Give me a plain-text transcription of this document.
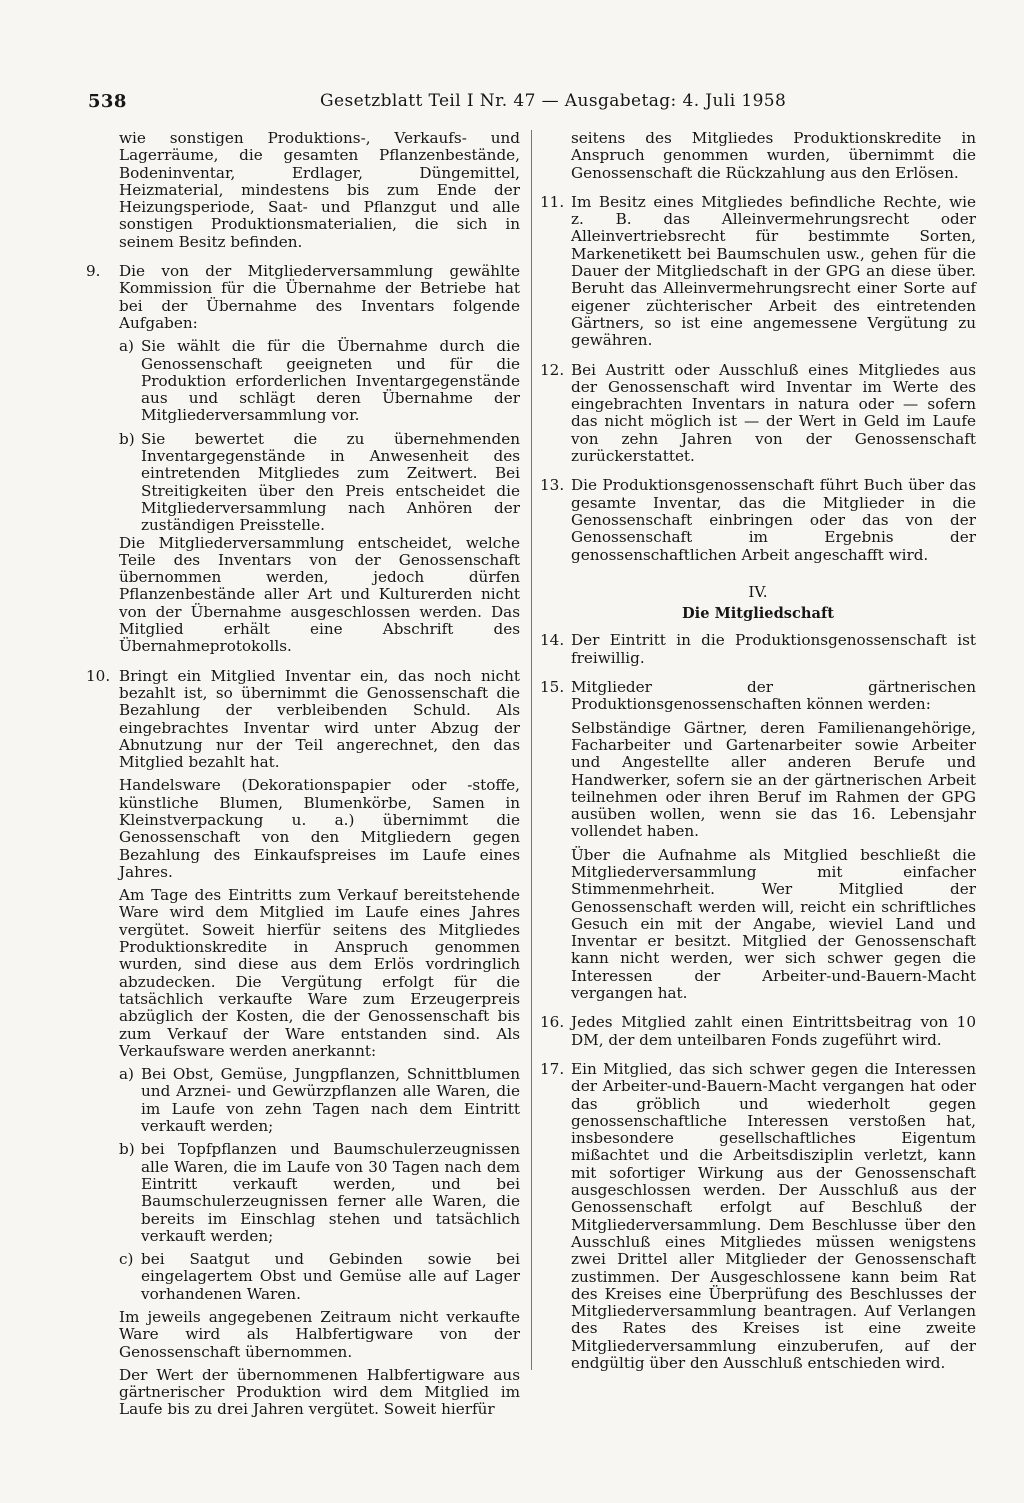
538	Gesetzblatt Teil I Nr. 47 — Ausgabetag: 4. Juli 1958

wie sonstigen Produktions-, Verkaufs- und Lagerräume, die gesamten Pflanzenbestände, Bodeninventar, Erdlager, Düngemittel, Heizmaterial, mindestens bis zum Ende der Heizungsperiode, Saat- und Pflanzgut und alle sonstigen Produktionsmaterialien, die sich in seinem Besitz befinden.

9. Die von der Mitgliederversammlung gewählte Kommission für die Übernahme der Betriebe hat bei der Übernahme des Inventars folgende Aufgaben:

a) Sie wählt die für die Übernahme durch die Genossenschaft geeigneten und für die Produktion erforderlichen Inventargegenstände aus und schlägt deren Übernahme der Mitgliederversammlung vor.

b) Sie bewertet die zu übernehmenden Inventargegenstände in Anwesenheit des eintretenden Mitgliedes zum Zeitwert. Bei Streitigkeiten über den Preis entscheidet die Mitgliederversammlung nach Anhören der zuständigen Preisstelle.

Die Mitgliederversammlung entscheidet, welche Teile des Inventars von der Genossenschaft übernommen werden, jedoch dürfen Pflanzenbestände aller Art und Kulturerden nicht von der Übernahme ausgeschlossen werden. Das Mitglied erhält eine Abschrift des Übernahmeprotokolls.

10. Bringt ein Mitglied Inventar ein, das noch nicht bezahlt ist, so übernimmt die Genossenschaft die Bezahlung der verbleibenden Schuld. Als eingebrachtes Inventar wird unter Abzug der Abnutzung nur der Teil angerechnet, den das Mitglied bezahlt hat.

Handelsware (Dekorationspapier oder -stoffe, künstliche Blumen, Blumenkörbe, Samen in Kleinstverpackung u. a.) übernimmt die Genossenschaft von den Mitgliedern gegen Bezahlung des Einkaufspreises im Laufe eines Jahres.

Am Tage des Eintritts zum Verkauf bereitstehende Ware wird dem Mitglied im Laufe eines Jahres vergütet. Soweit hierfür seitens des Mitgliedes Produktionskredite in Anspruch genommen wurden, sind diese aus dem Erlös vordringlich abzudecken. Die Vergütung erfolgt für die tatsächlich verkaufte Ware zum Erzeugerpreis abzüglich der Kosten, die der Genossenschaft bis zum Verkauf der Ware entstanden sind. Als Verkaufsware werden anerkannt:

a) Bei Obst, Gemüse, Jungpflanzen, Schnittblumen und Arznei- und Gewürzpflanzen alle Waren, die im Laufe von zehn Tagen nach dem Eintritt verkauft werden;

b) bei Topfpflanzen und Baumschulerzeugnissen alle Waren, die im Laufe von 30 Tagen nach dem Eintritt verkauft werden, und bei Baumschulerzeugnissen ferner alle Waren, die bereits im Einschlag stehen und tatsächlich verkauft werden;

c) bei Saatgut und Gebinden sowie bei eingelagertem Obst und Gemüse alle auf Lager vorhandenen Waren.

Im jeweils angegebenen Zeitraum nicht verkaufte Ware wird als Halbfertigware von der Genossenschaft übernommen.

Der Wert der übernommenen Halbfertigware aus gärtnerischer Produktion wird dem Mitglied im Laufe bis zu drei Jahren vergütet. Soweit hierfür

seitens des Mitgliedes Produktionskredite in Anspruch genommen wurden, übernimmt die Genossenschaft die Rückzahlung aus den Erlösen.

11. Im Besitz eines Mitgliedes befindliche Rechte, wie z. B. das Alleinvermehrungsrecht oder Alleinvertriebsrecht für bestimmte Sorten, Markenetikett bei Baumschulen usw., gehen für die Dauer der Mitgliedschaft in der GPG an diese über. Beruht das Alleinvermehrungsrecht einer Sorte auf eigener züchterischer Arbeit des eintretenden Gärtners, so ist eine angemessene Vergütung zu gewähren.

12. Bei Austritt oder Ausschluß eines Mitgliedes aus der Genossenschaft wird Inventar im Werte des eingebrachten Inventars in natura oder — sofern das nicht möglich ist — der Wert in Geld im Laufe von zehn Jahren von der Genossenschaft zurückerstattet.

13. Die Produktionsgenossenschaft führt Buch über das gesamte Inventar, das die Mitglieder in die Genossenschaft einbringen oder das von der Genossenschaft im Ergebnis der genossenschaftlichen Arbeit angeschafft wird.

IV.
Die Mitgliedschaft
14. Der Eintritt in die Produktionsgenossenschaft ist freiwillig.

15. Mitglieder der gärtnerischen Produktionsgenossenschaften können werden:

Selbständige Gärtner, deren Familienangehörige, Facharbeiter und Gartenarbeiter sowie Arbeiter und Angestellte aller anderen Berufe und Handwerker, sofern sie an der gärtnerischen Arbeit teilnehmen oder ihren Beruf im Rahmen der GPG ausüben wollen, wenn sie das 16. Lebensjahr vollendet haben.

Über die Aufnahme als Mitglied beschließt die Mitgliederversammlung mit einfacher Stimmenmehrheit. Wer Mitglied der Genossenschaft werden will, reicht ein schriftliches Gesuch ein mit der Angabe, wieviel Land und Inventar er besitzt. Mitglied der Genossenschaft kann nicht werden, wer sich schwer gegen die Interessen der Arbeiter-und-Bauern-Macht vergangen hat.

16. Jedes Mitglied zahlt einen Eintrittsbeitrag von 10 DM, der dem unteilbaren Fonds zugeführt wird.

17. Ein Mitglied, das sich schwer gegen die Interessen der Arbeiter-und-Bauern-Macht vergangen hat oder das gröblich und wiederholt gegen genossenschaftliche Interessen verstoßen hat, insbesondere gesellschaftliches Eigentum mißachtet und die Arbeitsdisziplin verletzt, kann mit sofortiger Wirkung aus der Genossenschaft ausgeschlossen werden. Der Ausschluß aus der Genossenschaft erfolgt auf Beschluß der Mitgliederversammlung. Dem Beschlusse über den Ausschluß eines Mitgliedes müssen wenigstens zwei Drittel aller Mitglieder der Genossenschaft zustimmen. Der Ausgeschlossene kann beim Rat des Kreises eine Überprüfung des Beschlusses der Mitgliederversammlung beantragen. Auf Verlangen des Rates des Kreises ist eine zweite Mitgliederversammlung einzuberufen, auf der endgültig über den Ausschluß entschieden wird.
